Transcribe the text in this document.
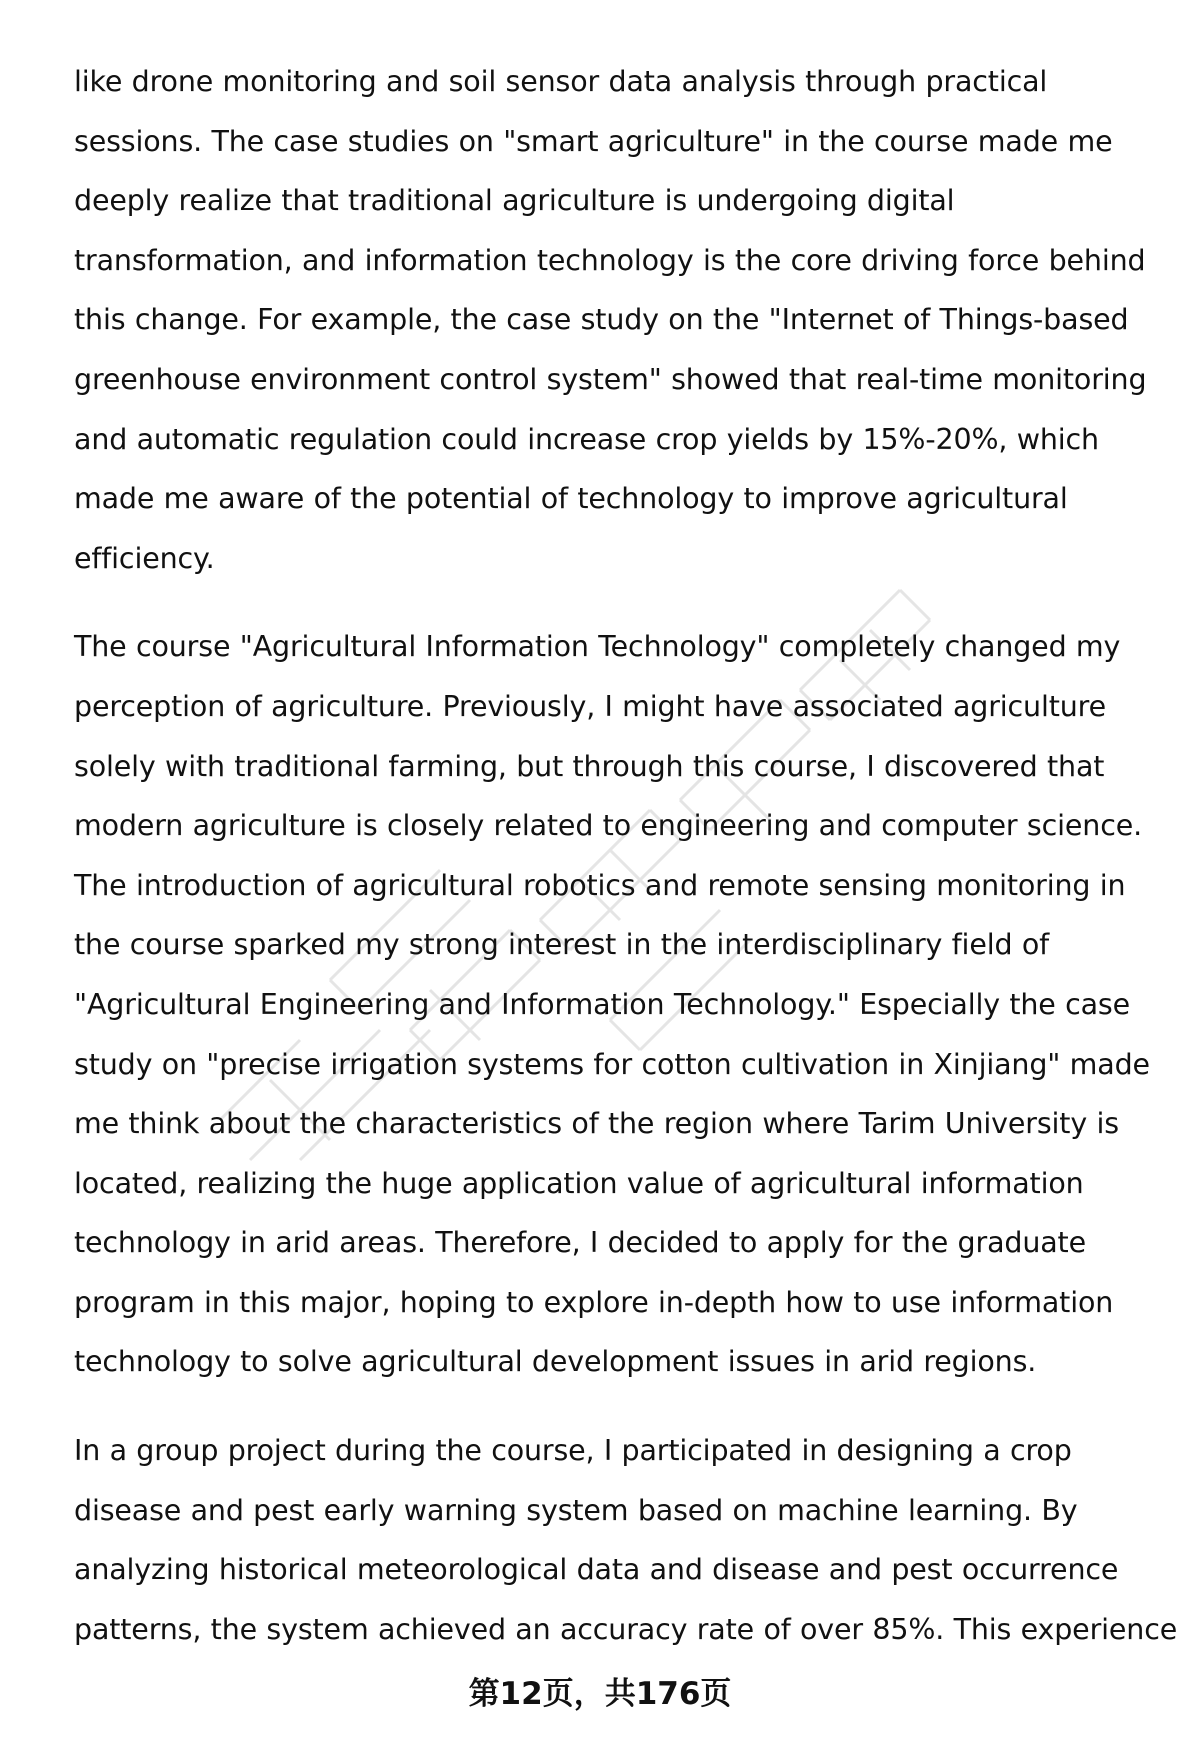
like drone monitoring and soil sensor data analysis through practical
sessions. The case studies on "smart agriculture" in the course made me
deeply realize that traditional agriculture is undergoing digital
transformation, and information technology is the core driving force behind
this change. For example, the case study on the "Internet of Things-based
greenhouse environment control system" showed that real-time monitoring
and automatic regulation could increase crop yields by 15%-20%, which
made me aware of the potential of technology to improve agricultural
efficiency.

The course "Agricultural Information Technology" completely changed my
perception of agriculture. Previously, I might have associated agriculture
solely with traditional farming, but through this course, I discovered that
modern agriculture is closely related to engineering and computer science.
The introduction of agricultural robotics and remote sensing monitoring in
the course sparked my strong interest in the interdisciplinary field of
"Agricultural Engineering and Information Technology." Especially the case
study on "precise irrigation systems for cotton cultivation in Xinjiang" made
me think about the characteristics of the region where Tarim University is
located, realizing the huge application value of agricultural information
technology in arid areas. Therefore, I decided to apply for the graduate
program in this major, hoping to explore in-depth how to use information
technology to solve agricultural development issues in arid regions.

In a group project during the course, I participated in designing a crop
disease and pest early warning system based on machine learning. By
analyzing historical meteorological data and disease and pest occurrence
patterns, the system achieved an accuracy rate of over 85%. This experience

第12页，共176页
